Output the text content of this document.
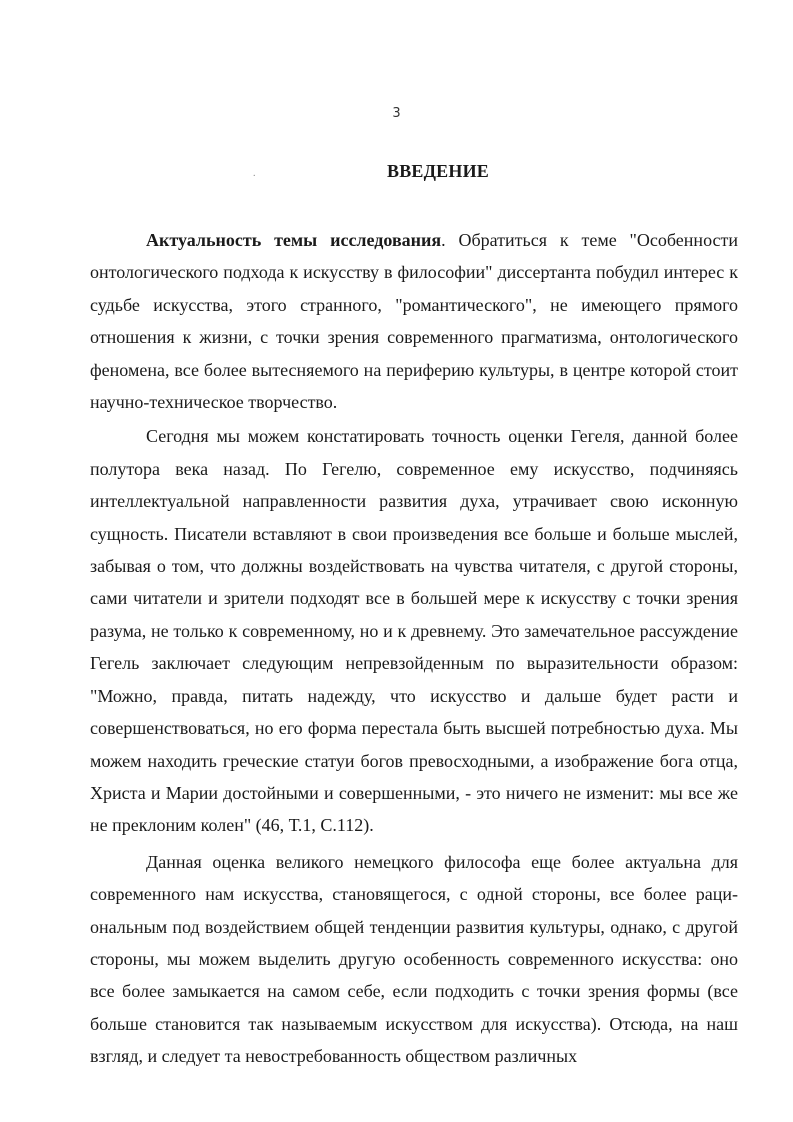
3
.	ВВЕДЕНИЕ

Актуальность темы исследования. Обратиться к теме "Особенности онтологического подхода к искусству в философии" диссертанта побудил интерес к судьбе искусства, этого странного, "романтического", не имеющего прямого отношения к жизни, с точки зрения современного прагматизма, онтологического феномена, все более вытесняемого на периферию культуры, в центре которой стоит научно-техническое творчество.

Сегодня мы можем констатировать точность оценки Гегеля, данной более полутора века назад. По Гегелю, современное ему искусство, подчиняясь интеллектуальной направленности развития духа, утрачивает свою исконную сущность. Писатели вставляют в свои произведения все больше и больше мыслей, забывая о том, что должны воздействовать на чувства читателя, с другой стороны, сами читатели и зрители подходят все в большей мере к искусству с точки зрения разума, не только к современному, но и к древнему. Это замечательное рассуждение Гегель заключает следующим непревзойденным по выразительности образом: "Можно, правда, питать надежду, что искусство и дальше будет расти и совершенствоваться, но его форма перестала быть высшей потребностью духа. Мы можем находить греческие статуи богов превосходными, а изображение бога отца, Христа и Марии достойными и совершенными, - это ничего не изменит: мы все же не преклоним колен" (46, Т.1, С.112).

Данная оценка великого немецкого философа еще более актуальна для современного нам искусства, становящегося, с одной стороны, все более рациональным под воздействием общей тенденции развития культуры, однако, с другой стороны, мы можем выделить другую особенность современного искусства: оно все более замыкается на самом себе, если подходить с точки зрения формы (все больше становится так называемым искусством для искусства). Отсюда, на наш взгляд, и следует та невостребованность обществом различных
